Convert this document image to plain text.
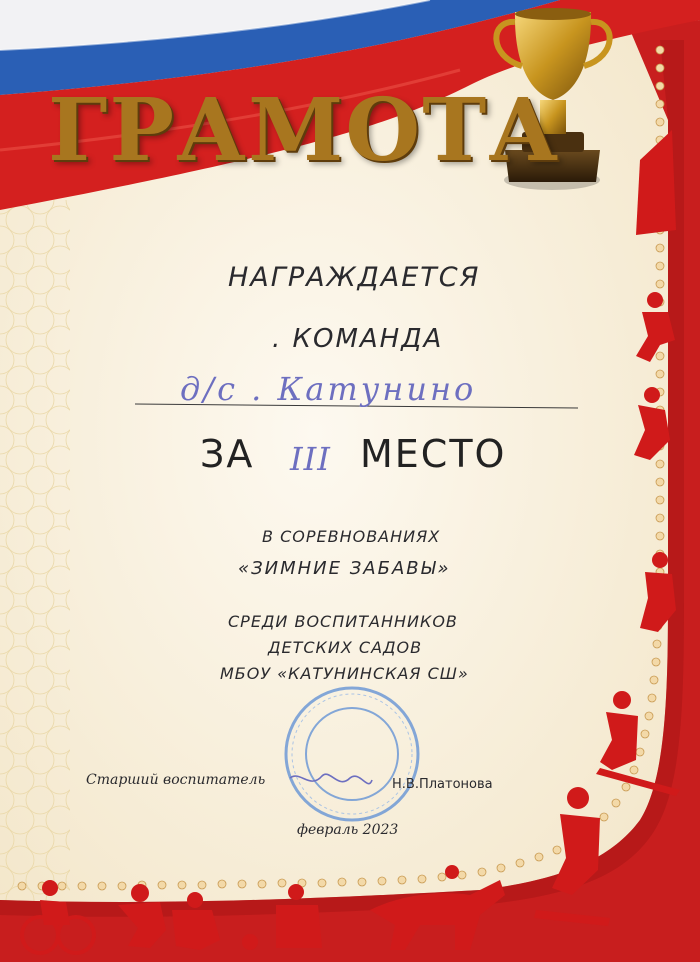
ГРАМОТА

НАГРАЖДАЕТСЯ

. КОМАНДА

д/с . Катунино

ЗА III МЕСТО

В СОРЕВНОВАНИЯХ

«ЗИМНИЕ ЗАБАВЫ»

СРЕДИ ВОСПИТАННИКОВ

ДЕТСКИХ САДОВ

МБОУ «КАТУНИНСКАЯ СШ»

Старший воспитатель	Н.В.Платонова

февраль 2023
